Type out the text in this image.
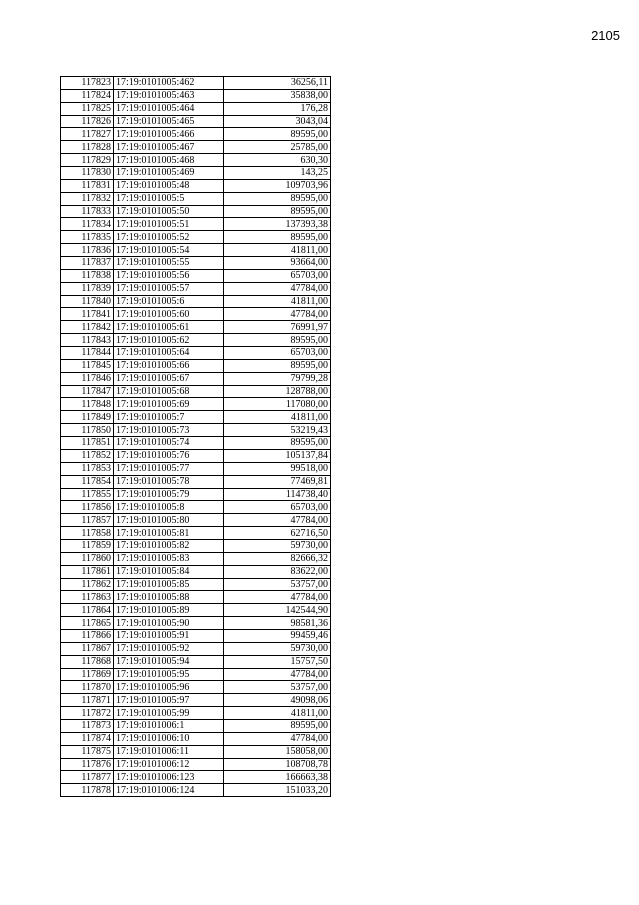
2105
117823	17:19:0101005:462	36256,11
117824	17:19:0101005:463	35838,00
117825	17:19:0101005:464	176,28
117826	17:19:0101005:465	3043,04
117827	17:19:0101005:466	89595,00
117828	17:19:0101005:467	25785,00
117829	17:19:0101005:468	630,30
117830	17:19:0101005:469	143,25
117831	17:19:0101005:48	109703,96
117832	17:19:0101005:5	89595,00
117833	17:19:0101005:50	89595,00
117834	17:19:0101005:51	137393,38
117835	17:19:0101005:52	89595,00
117836	17:19:0101005:54	41811,00
117837	17:19:0101005:55	93664,00
117838	17:19:0101005:56	65703,00
117839	17:19:0101005:57	47784,00
117840	17:19:0101005:6	41811,00
117841	17:19:0101005:60	47784,00
117842	17:19:0101005:61	76991,97
117843	17:19:0101005:62	89595,00
117844	17:19:0101005:64	65703,00
117845	17:19:0101005:66	89595,00
117846	17:19:0101005:67	79799,28
117847	17:19:0101005:68	128788,00
117848	17:19:0101005:69	117080,00
117849	17:19:0101005:7	41811,00
117850	17:19:0101005:73	53219,43
117851	17:19:0101005:74	89595,00
117852	17:19:0101005:76	105137,84
117853	17:19:0101005:77	99518,00
117854	17:19:0101005:78	77469,81
117855	17:19:0101005:79	114738,40
117856	17:19:0101005:8	65703,00
117857	17:19:0101005:80	47784,00
117858	17:19:0101005:81	62716,50
117859	17:19:0101005:82	59730,00
117860	17:19:0101005:83	82666,32
117861	17:19:0101005:84	83622,00
117862	17:19:0101005:85	53757,00
117863	17:19:0101005:88	47784,00
117864	17:19:0101005:89	142544,90
117865	17:19:0101005:90	98581,36
117866	17:19:0101005:91	99459,46
117867	17:19:0101005:92	59730,00
117868	17:19:0101005:94	15757,50
117869	17:19:0101005:95	47784,00
117870	17:19:0101005:96	53757,00
117871	17:19:0101005:97	49098,06
117872	17:19:0101005:99	41811,00
117873	17:19:0101006:1	89595,00
117874	17:19:0101006:10	47784,00
117875	17:19:0101006:11	158058,00
117876	17:19:0101006:12	108708,78
117877	17:19:0101006:123	166663,38
117878	17:19:0101006:124	151033,20
